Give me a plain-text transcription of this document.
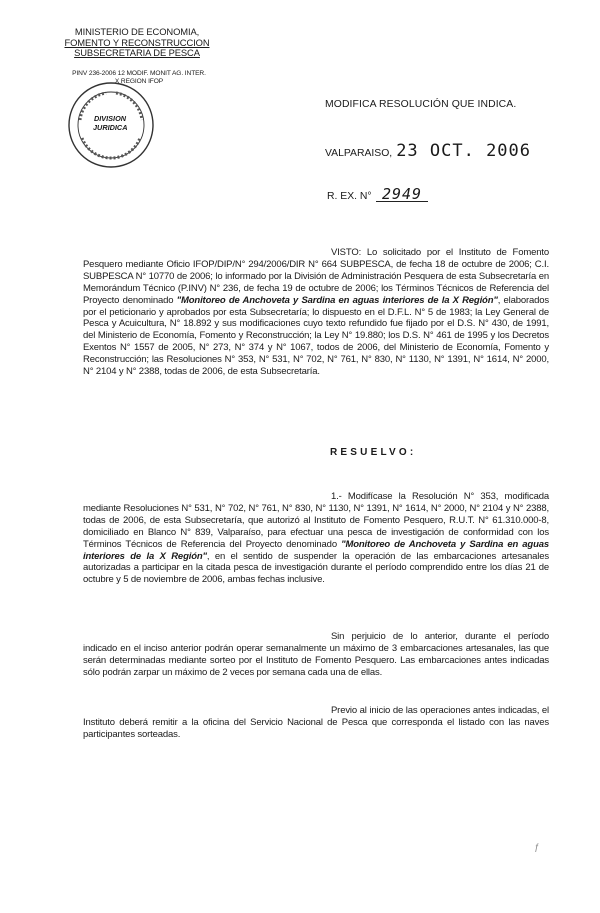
MINISTERIO DE ECONOMIA,
FOMENTO Y RECONSTRUCCION
SUBSECRETARIA DE PESCA
PINV 236-2006 12 MODIF. MONIT AG. INTER.
X REGION IFOP
DIVISION
JURIDICA
MODIFICA RESOLUCIÓN QUE INDICA.
VALPARAISO, 23 OCT. 2006
R. EX. N° 2949

VISTO: Lo solicitado por el Instituto de Fomento Pesquero mediante Oficio IFOP/DIP/N° 294/2006/DIR N° 664 SUBPESCA, de fecha 18 de octubre de 2006; C.I. SUBPESCA N° 10770 de 2006; lo informado por la División de Administración Pesquera de esta Subsecretaría en Memorándum Técnico (P.INV) N° 236, de fecha 19 de octubre de 2006; los Términos Técnicos de Referencia del Proyecto denominado "Monitoreo de Anchoveta y Sardina en aguas interiores de la X Región", elaborados por el peticionario y aprobados por esta Subsecretaría; lo dispuesto en el D.F.L. N° 5 de 1983; la Ley General de Pesca y Acuicultura, N° 18.892 y sus modificaciones cuyo texto refundido fue fijado por el D.S. N° 430, de 1991, del Ministerio de Economía, Fomento y Reconstrucción; la Ley N° 19.880; los D.S. N° 461 de 1995 y los Decretos Exentos N° 1557 de 2005, N° 273, N° 374 y N° 1067, todos de 2006, del Ministerio de Economía, Fomento y Reconstrucción; las Resoluciones N° 353, N° 531, N° 702, N° 761, N° 830, N° 1130, N° 1391, N° 1614, N° 2000, N° 2104 y N° 2388, todas de 2006, de esta Subsecretaría.

RESUELVO:

1.- Modifícase la Resolución N° 353, modificada mediante Resoluciones N° 531, N° 702, N° 761, N° 830, N° 1130, N° 1391, N° 1614, N° 2000, N° 2104 y N° 2388, todas de 2006, de esta Subsecretaría, que autorizó al Instituto de Fomento Pesquero, R.U.T. N° 61.310.000-8, domiciliado en Blanco N° 839, Valparaíso, para efectuar una pesca de investigación de conformidad con los Términos Técnicos de Referencia del Proyecto denominado "Monitoreo de Anchoveta y Sardina en aguas interiores de la X Región", en el sentido de suspender la operación de las embarcaciones artesanales autorizadas a participar en la citada pesca de investigación durante el período comprendido entre los días 21 de octubre y 5 de noviembre de 2006, ambas fechas inclusive.

Sin perjuicio de lo anterior, durante el período indicado en el inciso anterior podrán operar semanalmente un máximo de 3 embarcaciones artesanales, las que serán determinadas mediante sorteo por el Instituto de Fomento Pesquero. Las embarcaciones antes indicadas sólo podrán zarpar un máximo de 2 veces por semana cada una de ellas.

Previo al inicio de las operaciones antes indicadas, el Instituto deberá remitir a la oficina del Servicio Nacional de Pesca que corresponda el listado con las naves participantes sorteadas.

ƒ
